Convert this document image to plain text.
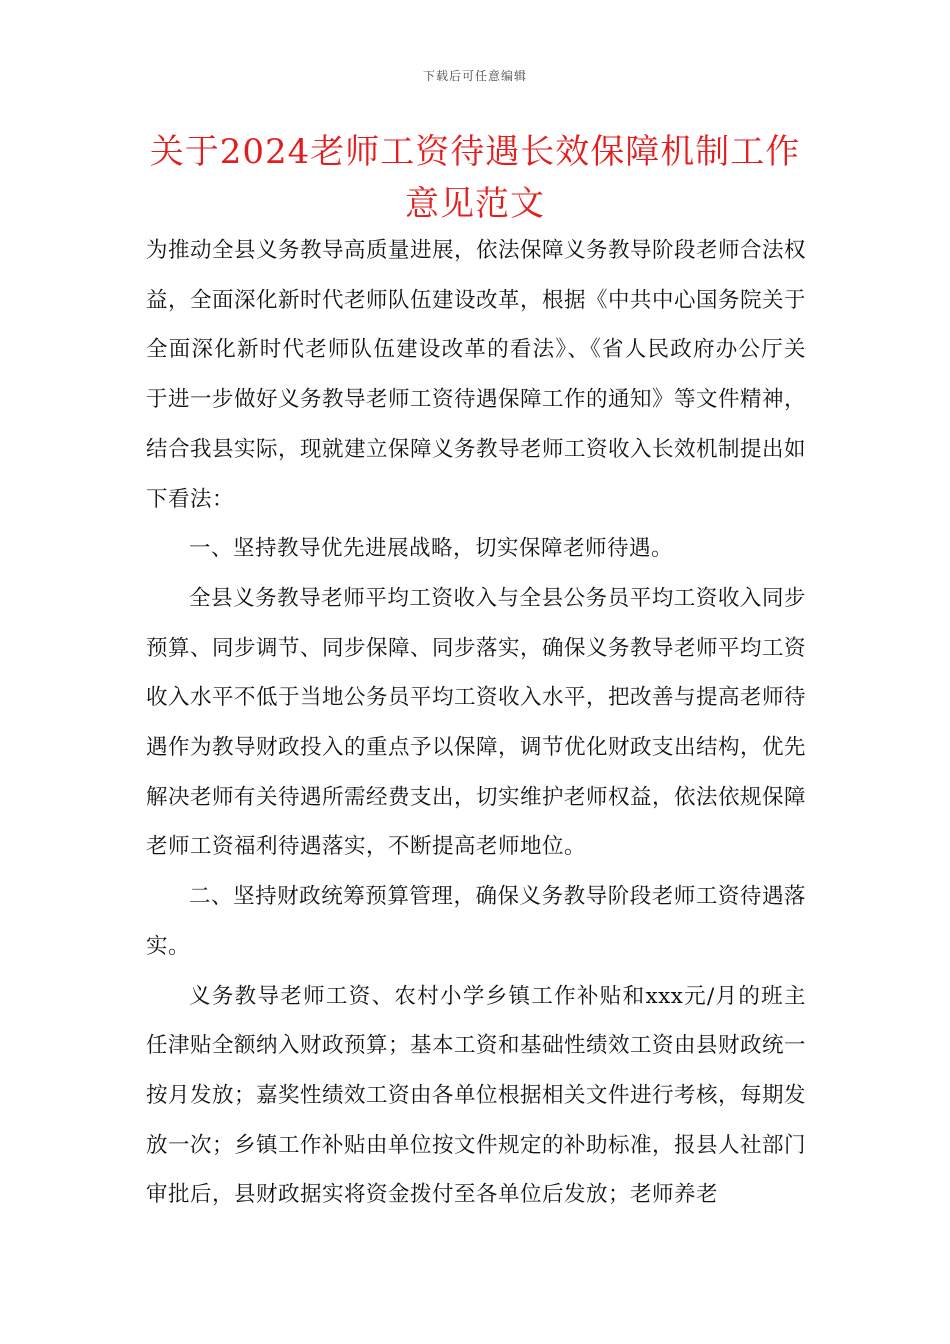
下载后可任意编辑
关于2024老师工资待遇长效保障机制工作意见范文

为推动全县义务教导高质量进展，依法保障义务教导阶段老师合法权益，全面深化新时代老师队伍建设改革，根据《中共中心国务院关于全面深化新时代老师队伍建设改革的看法》、《省人民政府办公厅关于进一步做好义务教导老师工资待遇保障工作的通知》等文件精神，结合我县实际，现就建立保障义务教导老师工资收入长效机制提出如下看法：

一、坚持教导优先进展战略，切实保障老师待遇。

全县义务教导老师平均工资收入与全县公务员平均工资收入同步预算、同步调节、同步保障、同步落实，确保义务教导老师平均工资收入水平不低于当地公务员平均工资收入水平，把改善与提高老师待遇作为教导财政投入的重点予以保障，调节优化财政支出结构，优先解决老师有关待遇所需经费支出，切实维护老师权益，依法依规保障老师工资福利待遇落实，不断提高老师地位。

二、坚持财政统筹预算管理，确保义务教导阶段老师工资待遇落实。

义务教导老师工资、农村小学乡镇工作补贴和xxx元/月的班主任津贴全额纳入财政预算；基本工资和基础性绩效工资由县财政统一按月发放；嘉奖性绩效工资由各单位根据相关文件进行考核，每期发放一次；乡镇工作补贴由单位按文件规定的补助标准，报县人社部门审批后，县财政据实将资金拨付至各单位后发放；老师养老
